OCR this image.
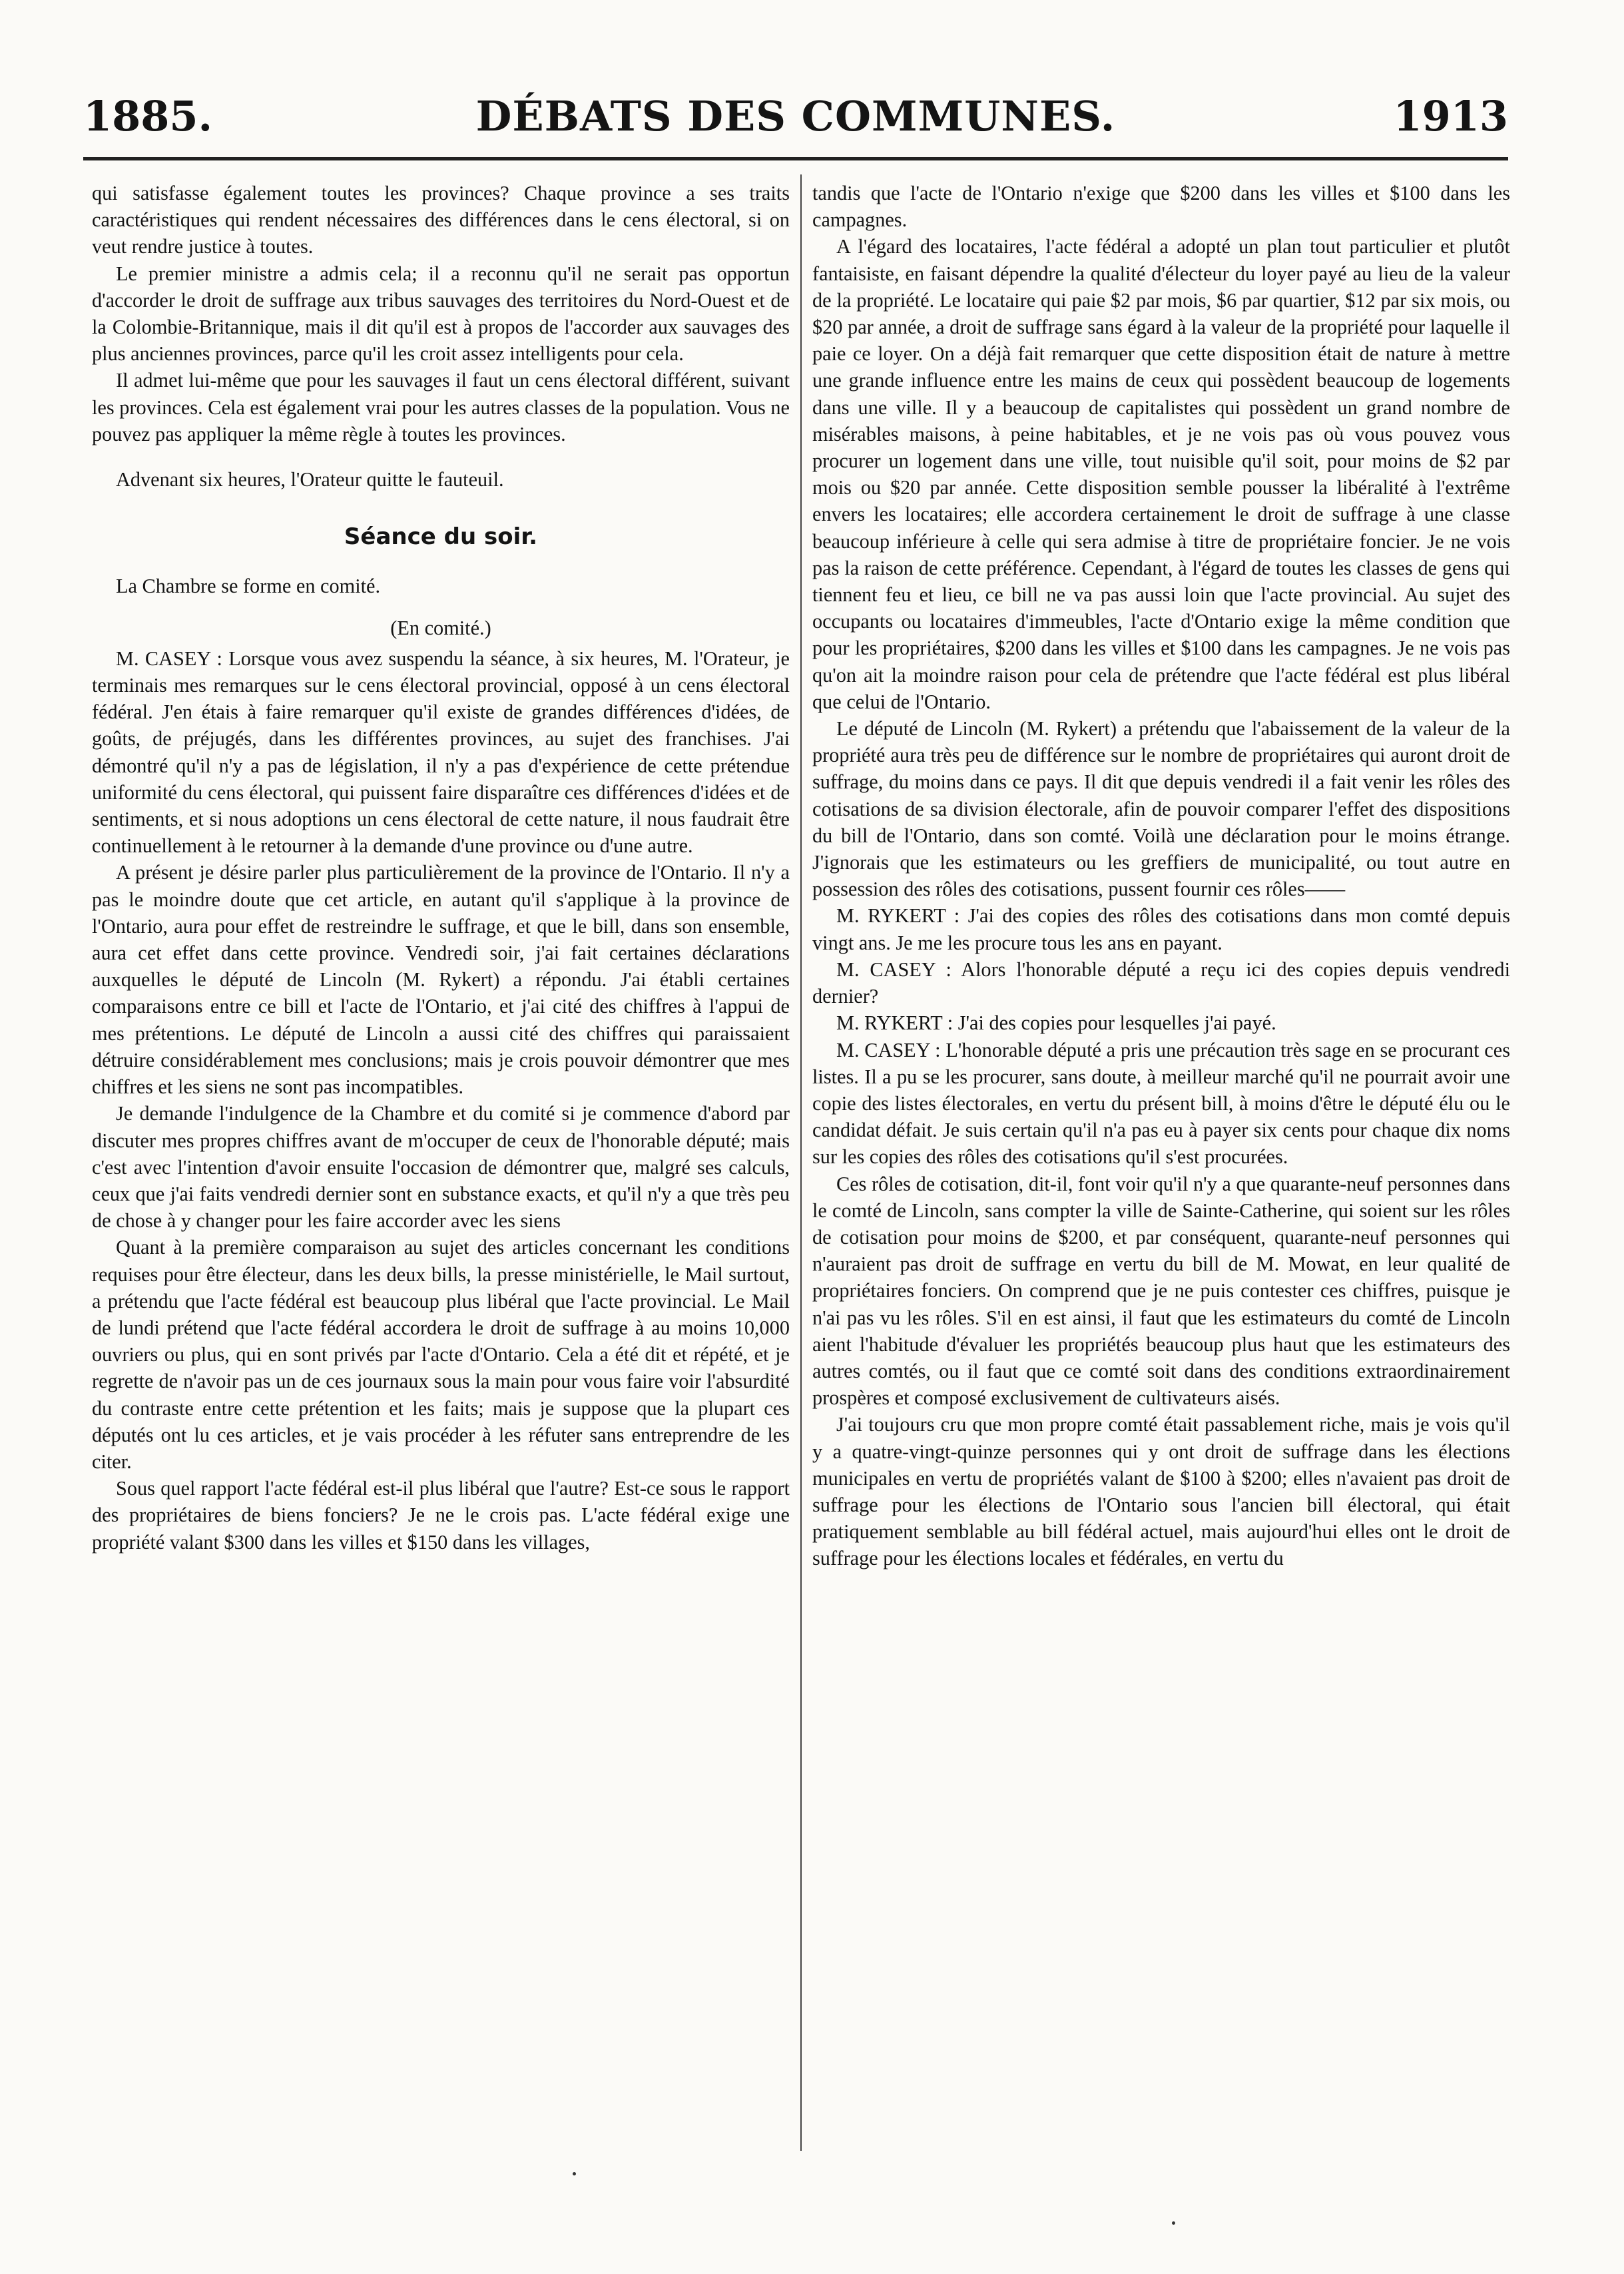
1885.	DÉBATS DES COMMUNES.	1913

qui satisfasse également toutes les provinces? Chaque province a ses traits caractéristiques qui rendent nécessaires des différences dans le cens électoral, si on veut rendre justice à toutes.

Le premier ministre a admis cela; il a reconnu qu'il ne serait pas opportun d'accorder le droit de suffrage aux tribus sauvages des territoires du Nord-Ouest et de la Colombie-Britannique, mais il dit qu'il est à propos de l'accorder aux sauvages des plus anciennes provinces, parce qu'il les croit assez intelligents pour cela.

Il admet lui-même que pour les sauvages il faut un cens électoral différent, suivant les provinces. Cela est également vrai pour les autres classes de la population. Vous ne pouvez pas appliquer la même règle à toutes les provinces.

Advenant six heures, l'Orateur quitte le fauteuil.

Séance du soir.

La Chambre se forme en comité.

(En comité.)

M. CASEY : Lorsque vous avez suspendu la séance, à six heures, M. l'Orateur, je terminais mes remarques sur le cens électoral provincial, opposé à un cens électoral fédéral. J'en étais à faire remarquer qu'il existe de grandes différences d'idées, de goûts, de préjugés, dans les différentes provinces, au sujet des franchises. J'ai démontré qu'il n'y a pas de législation, il n'y a pas d'expérience de cette prétendue uniformité du cens électoral, qui puissent faire disparaître ces différences d'idées et de sentiments, et si nous adoptions un cens électoral de cette nature, il nous faudrait être continuellement à le retourner à la demande d'une province ou d'une autre.

A présent je désire parler plus particulièrement de la province de l'Ontario. Il n'y a pas le moindre doute que cet article, en autant qu'il s'applique à la province de l'Ontario, aura pour effet de restreindre le suffrage, et que le bill, dans son ensemble, aura cet effet dans cette province. Vendredi soir, j'ai fait certaines déclarations auxquelles le député de Lincoln (M. Rykert) a répondu. J'ai établi certaines comparaisons entre ce bill et l'acte de l'Ontario, et j'ai cité des chiffres à l'appui de mes prétentions. Le député de Lincoln a aussi cité des chiffres qui paraissaient détruire considérablement mes conclusions; mais je crois pouvoir démontrer que mes chiffres et les siens ne sont pas incompatibles.

Je demande l'indulgence de la Chambre et du comité si je commence d'abord par discuter mes propres chiffres avant de m'occuper de ceux de l'honorable député; mais c'est avec l'intention d'avoir ensuite l'occasion de démontrer que, malgré ses calculs, ceux que j'ai faits vendredi dernier sont en substance exacts, et qu'il n'y a que très peu de chose à y changer pour les faire accorder avec les siens

Quant à la première comparaison au sujet des articles concernant les conditions requises pour être électeur, dans les deux bills, la presse ministérielle, le Mail surtout, a prétendu que l'acte fédéral est beaucoup plus libéral que l'acte provincial. Le Mail de lundi prétend que l'acte fédéral accordera le droit de suffrage à au moins 10,000 ouvriers ou plus, qui en sont privés par l'acte d'Ontario. Cela a été dit et répété, et je regrette de n'avoir pas un de ces journaux sous la main pour vous faire voir l'absurdité du contraste entre cette prétention et les faits; mais je suppose que la plupart ces députés ont lu ces articles, et je vais procéder à les réfuter sans entreprendre de les citer.

Sous quel rapport l'acte fédéral est-il plus libéral que l'autre? Est-ce sous le rapport des propriétaires de biens fonciers? Je ne le crois pas. L'acte fédéral exige une propriété valant $300 dans les villes et $150 dans les villages,

tandis que l'acte de l'Ontario n'exige que $200 dans les villes et $100 dans les campagnes.

A l'égard des locataires, l'acte fédéral a adopté un plan tout particulier et plutôt fantaisiste, en faisant dépendre la qualité d'électeur du loyer payé au lieu de la valeur de la propriété. Le locataire qui paie $2 par mois, $6 par quartier, $12 par six mois, ou $20 par année, a droit de suffrage sans égard à la valeur de la propriété pour laquelle il paie ce loyer. On a déjà fait remarquer que cette disposition était de nature à mettre une grande influence entre les mains de ceux qui possèdent beaucoup de logements dans une ville. Il y a beaucoup de capitalistes qui possèdent un grand nombre de misérables maisons, à peine habitables, et je ne vois pas où vous pouvez vous procurer un logement dans une ville, tout nuisible qu'il soit, pour moins de $2 par mois ou $20 par année. Cette disposition semble pousser la libéralité à l'extrême envers les locataires; elle accordera certainement le droit de suffrage à une classe beaucoup inférieure à celle qui sera admise à titre de propriétaire foncier. Je ne vois pas la raison de cette préférence. Cependant, à l'égard de toutes les classes de gens qui tiennent feu et lieu, ce bill ne va pas aussi loin que l'acte provincial. Au sujet des occupants ou locataires d'immeubles, l'acte d'Ontario exige la même condition que pour les propriétaires, $200 dans les villes et $100 dans les campagnes. Je ne vois pas qu'on ait la moindre raison pour cela de prétendre que l'acte fédéral est plus libéral que celui de l'Ontario.

Le député de Lincoln (M. Rykert) a prétendu que l'abaissement de la valeur de la propriété aura très peu de différence sur le nombre de propriétaires qui auront droit de suffrage, du moins dans ce pays. Il dit que depuis vendredi il a fait venir les rôles des cotisations de sa division électorale, afin de pouvoir comparer l'effet des dispositions du bill de l'Ontario, dans son comté. Voilà une déclaration pour le moins étrange. J'ignorais que les estimateurs ou les greffiers de municipalité, ou tout autre en possession des rôles des cotisations, pussent fournir ces rôles——

M. RYKERT : J'ai des copies des rôles des cotisations dans mon comté depuis vingt ans. Je me les procure tous les ans en payant.

M. CASEY : Alors l'honorable député a reçu ici des copies depuis vendredi dernier?

M. RYKERT : J'ai des copies pour lesquelles j'ai payé.

M. CASEY : L'honorable député a pris une précaution très sage en se procurant ces listes. Il a pu se les procurer, sans doute, à meilleur marché qu'il ne pourrait avoir une copie des listes électorales, en vertu du présent bill, à moins d'être le député élu ou le candidat défait. Je suis certain qu'il n'a pas eu à payer six cents pour chaque dix noms sur les copies des rôles des cotisations qu'il s'est procurées.

Ces rôles de cotisation, dit-il, font voir qu'il n'y a que quarante-neuf personnes dans le comté de Lincoln, sans compter la ville de Sainte-Catherine, qui soient sur les rôles de cotisation pour moins de $200, et par conséquent, quarante-neuf personnes qui n'auraient pas droit de suffrage en vertu du bill de M. Mowat, en leur qualité de propriétaires fonciers. On comprend que je ne puis contester ces chiffres, puisque je n'ai pas vu les rôles. S'il en est ainsi, il faut que les estimateurs du comté de Lincoln aient l'habitude d'évaluer les propriétés beaucoup plus haut que les estimateurs des autres comtés, ou il faut que ce comté soit dans des conditions extraordinairement prospères et composé exclusivement de cultivateurs aisés.

J'ai toujours cru que mon propre comté était passablement riche, mais je vois qu'il y a quatre-vingt-quinze personnes qui y ont droit de suffrage dans les élections municipales en vertu de propriétés valant de $100 à $200; elles n'avaient pas droit de suffrage pour les élections de l'Ontario sous l'ancien bill électoral, qui était pratiquement semblable au bill fédéral actuel, mais aujourd'hui elles ont le droit de suffrage pour les élections locales et fédérales, en vertu du
